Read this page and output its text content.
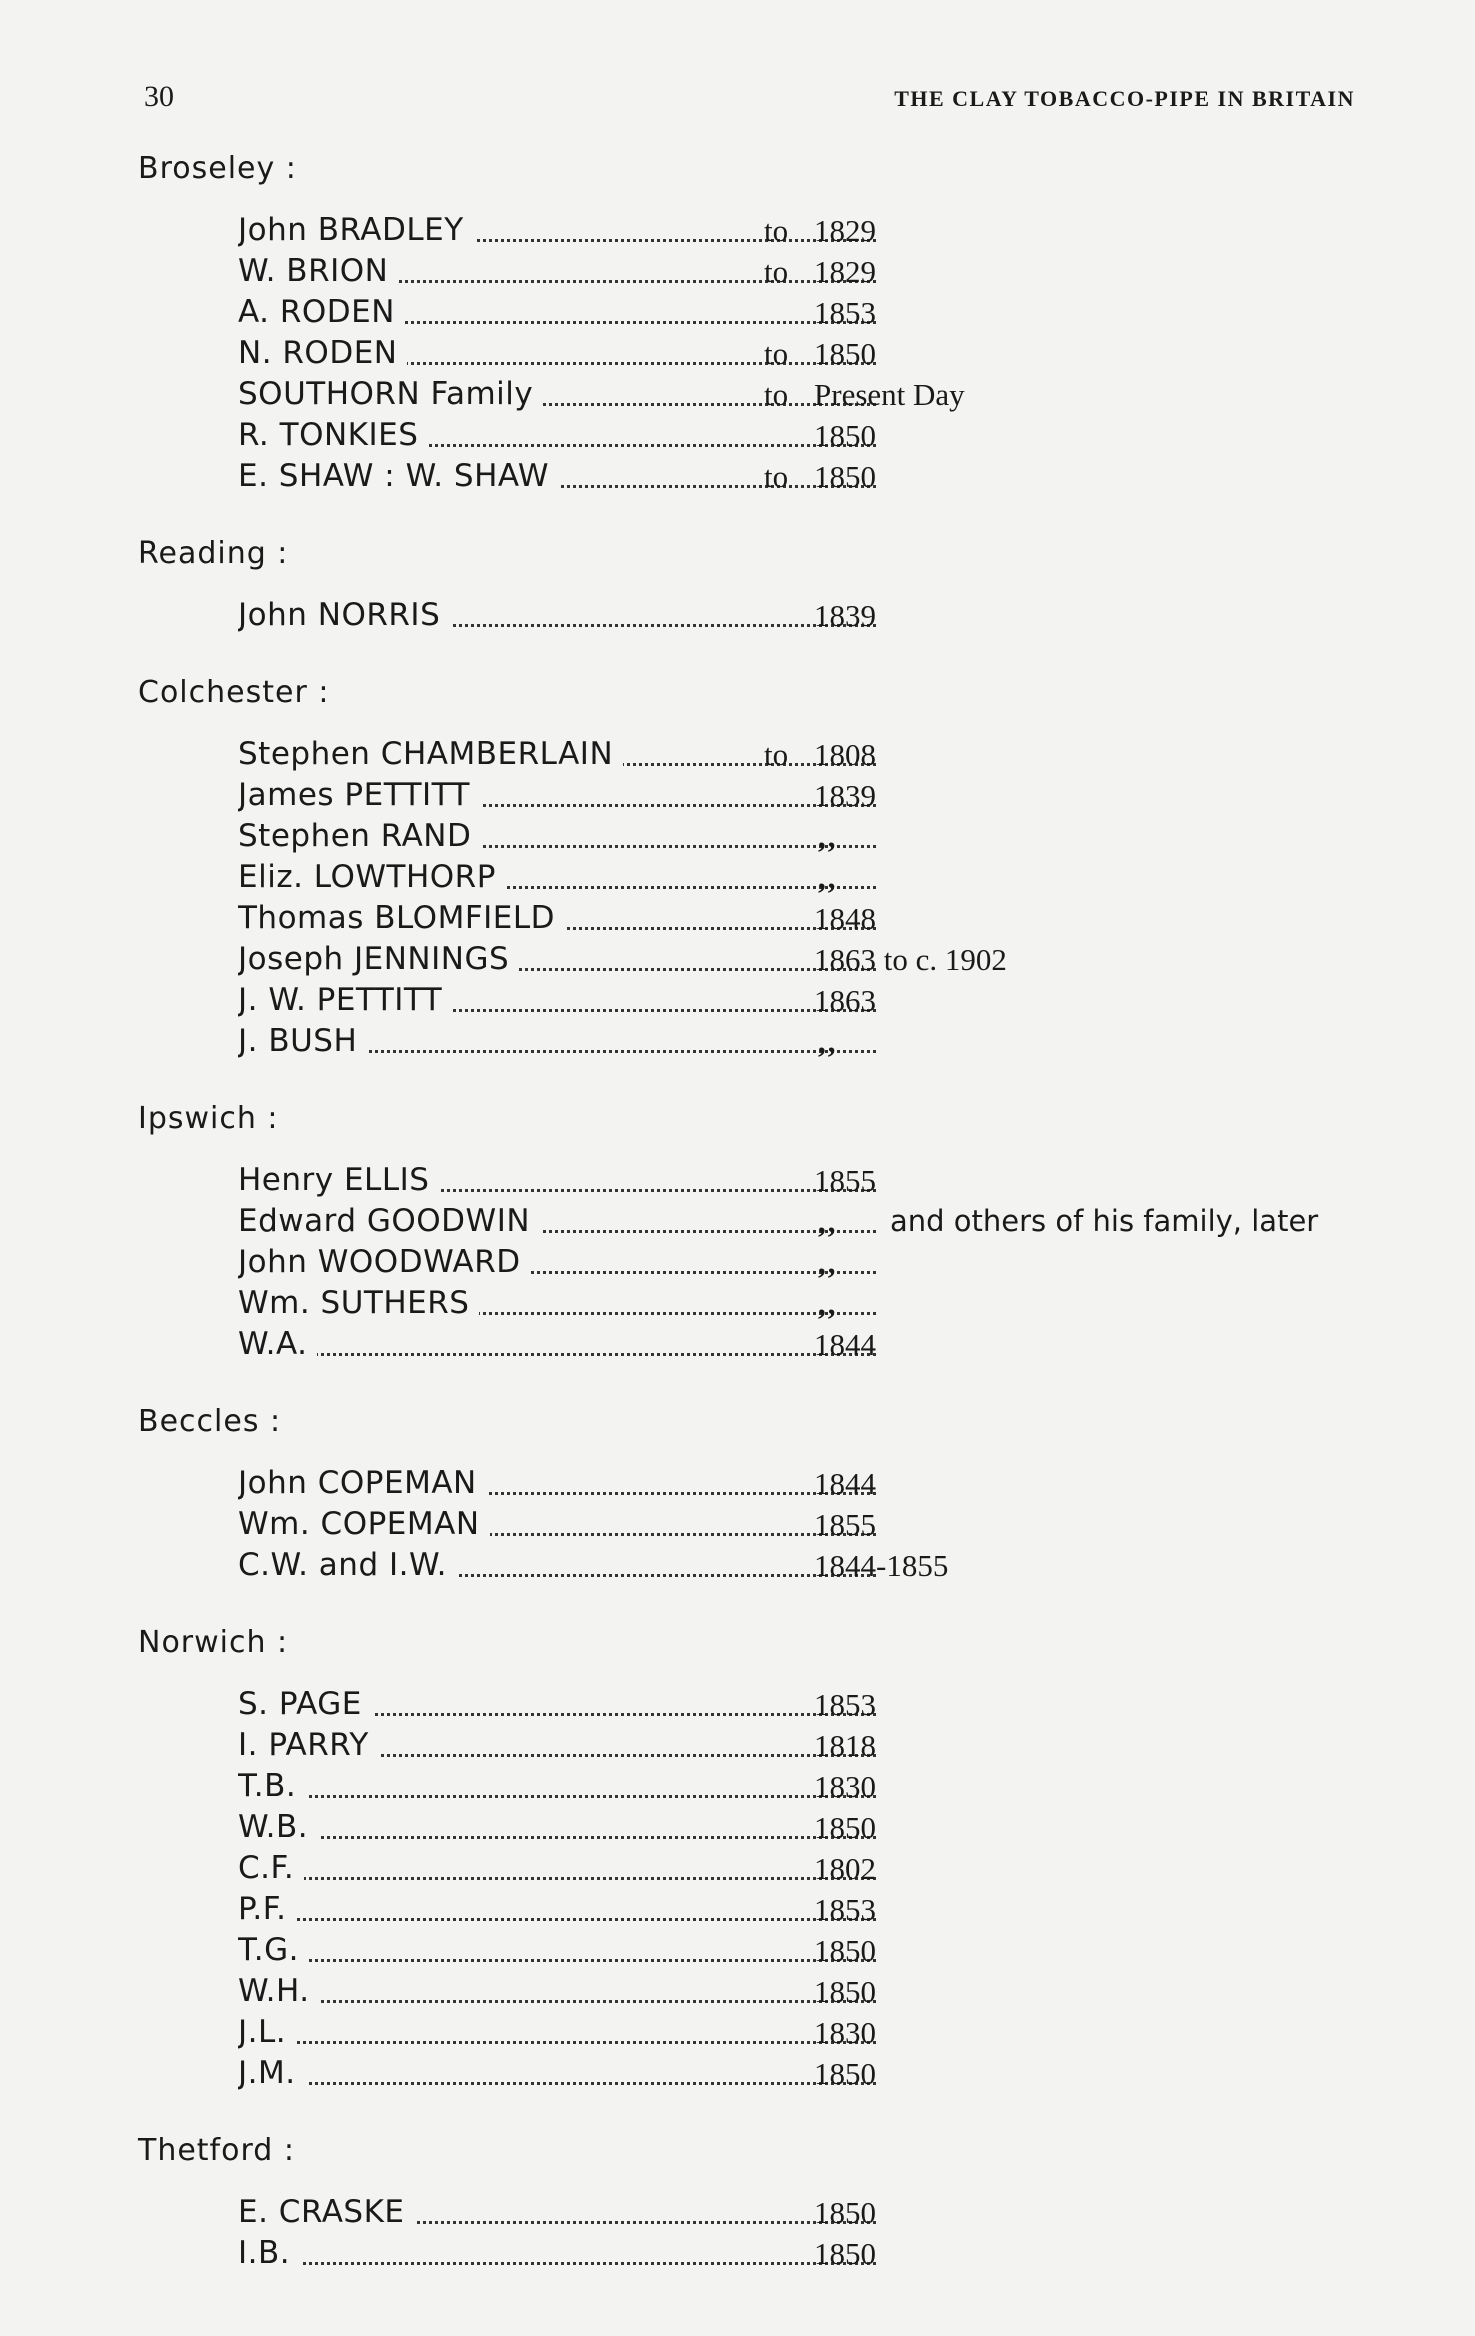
30	THE CLAY TOBACCO-PIPE IN BRITAIN
Broseley :
John BRADLEY	to 1829
W. BRION	to 1829
A. RODEN	1853
N. RODEN	to 1850
SOUTHORN Family	to Present Day
R. TONKIES	1850
E. SHAW : W. SHAW	to 1850
Reading :
John NORRIS	1839
Colchester :
Stephen CHAMBERLAIN	to 1808
James PETTITT	1839
Stephen RAND	,,
Eliz. LOWTHORP	,,
Thomas BLOMFIELD	1848
Joseph JENNINGS	1863 to c. 1902
J. W. PETTITT	1863
J. BUSH	,,
Ipswich :
Henry ELLIS	1855
Edward GOODWIN	,, and others of his family, later
John WOODWARD	,,
Wm. SUTHERS	,,
W.A.	1844
Beccles :
John COPEMAN	1844
Wm. COPEMAN	1855
C.W. and I.W.	1844-1855
Norwich :
S. PAGE	1853
I. PARRY	1818
T.B.	1830
W.B.	1850
C.F.	1802
P.F.	1853
T.G.	1850
W.H.	1850
J.L.	1830
J.M.	1850
Thetford :
E. CRASKE	1850
I.B.	1850
